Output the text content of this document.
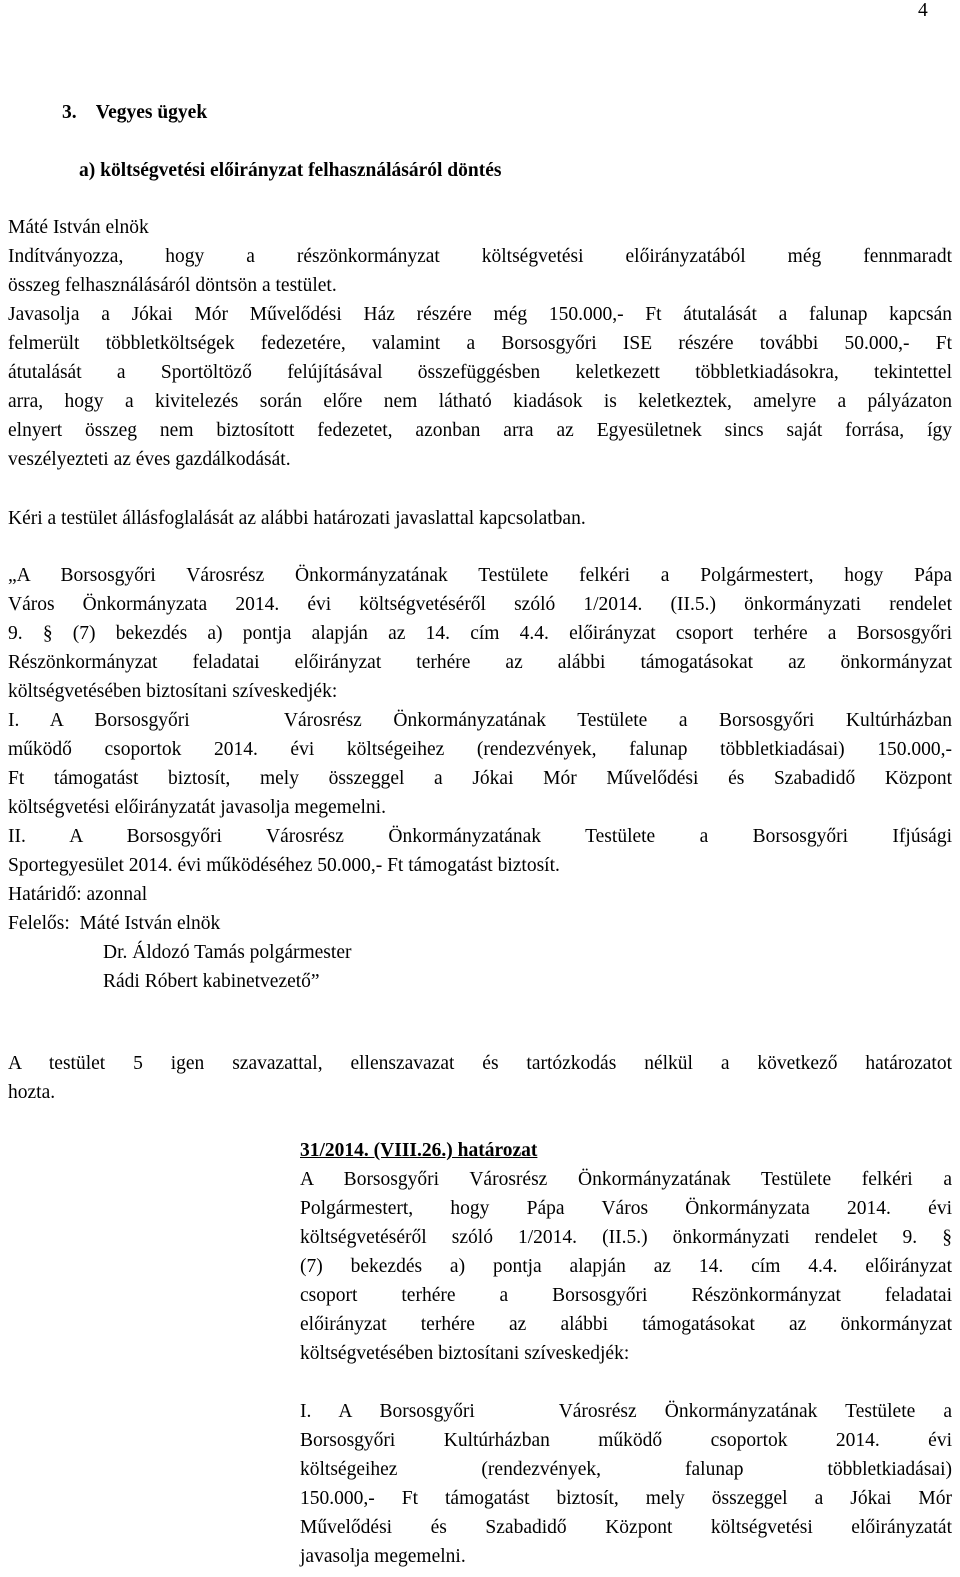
4
3.    Vegyes ügyek
a) költségvetési előirányzat felhasználásáról döntés
Máté István elnök

Indítványozza, hogy a részönkormányzat költségvetési előirányzatából még fennmaradt

összeg felhasználásáról döntsön a testület.

Javasolja a Jókai Mór Művelődési Ház részére még 150.000,- Ft átutalását a falunap kapcsán

felmerült többletköltségek fedezetére, valamint a Borsosgyőri ISE részére további 50.000,- Ft

átutalását a Sportöltöző felújításával összefüggésben keletkezett többletkiadásokra, tekintettel

arra, hogy a kivitelezés során előre nem látható kiadások is keletkeztek, amelyre a pályázaton

elnyert összeg nem biztosított fedezetet, azonban arra az Egyesületnek sincs saját forrása, így

veszélyezteti az éves gazdálkodását.

Kéri a testület állásfoglalását az alábbi határozati javaslattal kapcsolatban.

„A Borsosgyőri Városrész Önkormányzatának Testülete felkéri a Polgármestert, hogy Pápa

Város Önkormányzata 2014. évi költségvetéséről szóló 1/2014. (II.5.) önkormányzati rendelet

9. § (7) bekezdés a) pontja alapján az 14. cím 4.4. előirányzat csoport terhére a Borsosgyőri

Részönkormányzat feladatai előirányzat terhére az alábbi támogatásokat az önkormányzat

költségvetésében biztosítani szíveskedjék:

I. A Borsosgyőri   Városrész Önkormányzatának Testülete a Borsosgyőri Kultúrházban

működő csoportok 2014. évi költségeihez (rendezvények, falunap többletkiadásai) 150.000,-

Ft támogatást biztosít, mely összeggel a Jókai Mór Művelődési és Szabadidő Központ

költségvetési előirányzatát javasolja megemelni.

II. A Borsosgyőri Városrész Önkormányzatának Testülete a Borsosgyőri Ifjúsági

Sportegyesület 2014. évi működéséhez 50.000,- Ft támogatást biztosít.

Határidő: azonnal

Felelős:  Máté István elnök

Dr. Áldozó Tamás polgármester

Rádi Róbert kabinetvezető”

A testület 5 igen szavazattal, ellenszavazat és tartózkodás nélkül a következő határozatot

hozta.

31/2014. (VIII.26.) határozat

A Borsosgyőri Városrész Önkormányzatának Testülete felkéri a

Polgármestert, hogy Pápa Város Önkormányzata 2014. évi

költségvetéséről szóló 1/2014. (II.5.) önkormányzati rendelet 9. §

(7) bekezdés a) pontja alapján az 14. cím 4.4. előirányzat

csoport terhére a Borsosgyőri Részönkormányzat feladatai

előirányzat terhére az alábbi támogatásokat az önkormányzat

költségvetésében biztosítani szíveskedjék:

I. A Borsosgyőri   Városrész Önkormányzatának Testülete a

Borsosgyőri Kultúrházban működő csoportok 2014. évi

költségeihez (rendezvények, falunap többletkiadásai)

150.000,- Ft támogatást biztosít, mely összeggel a Jókai Mór

Művelődési és Szabadidő Központ költségvetési előirányzatát

javasolja megemelni.
